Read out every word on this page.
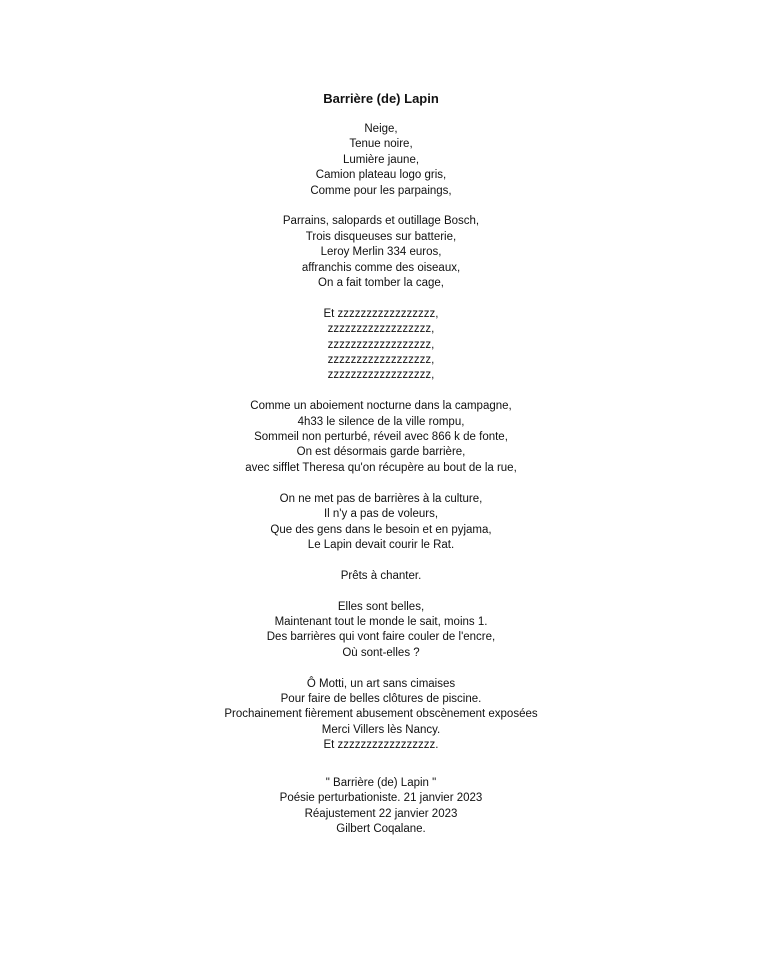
Barrière (de) Lapin
Neige,
Tenue noire,
Lumière jaune,
Camion plateau logo gris,
Comme pour les parpaings,
Parrains, salopards et outillage Bosch,
Trois disqueuses sur batterie,
Leroy Merlin 334 euros,
affranchis comme des oiseaux,
On a fait tomber la cage,
Et zzzzzzzzzzzzzzzzz,
zzzzzzzzzzzzzzzzzz,
zzzzzzzzzzzzzzzzzz,
zzzzzzzzzzzzzzzzzz,
zzzzzzzzzzzzzzzzzz,
Comme un aboiement nocturne dans la campagne,
4h33 le silence de la ville rompu,
Sommeil non perturbé, réveil avec 866 k de fonte,
On est désormais garde barrière,
avec sifflet Theresa qu'on récupère au bout de la rue,
On ne met pas de barrières à la culture,
Il n'y a pas de voleurs,
Que des gens dans le besoin et en pyjama,
Le Lapin devait courir le Rat.
Prêts à chanter.
Elles sont belles,
Maintenant tout le monde le sait, moins 1.
Des barrières qui vont faire couler de l'encre,
Où sont-elles ?
Ô Motti, un art sans cimaises
Pour faire de belles clôtures de piscine.
Prochainement fièrement abusement obscènement exposées
Merci Villers lès Nancy.
Et zzzzzzzzzzzzzzzzz.
" Barrière (de) Lapin "
Poésie perturbationiste. 21 janvier 2023
Réajustement 22 janvier 2023
Gilbert Coqalane.
